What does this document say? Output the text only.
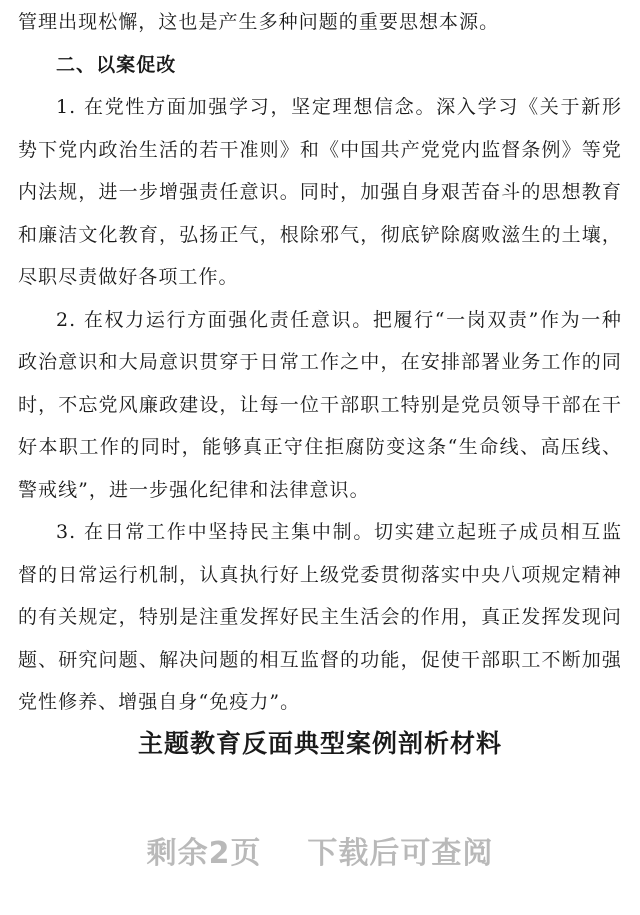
管理出现松懈，这也是产生多种问题的重要思想本源。

二、以案促改

1. 在党性方面加强学习，坚定理想信念。深入学习《关于新形势下党内政治生活的若干准则》和《中国共产党党内监督条例》等党内法规，进一步增强责任意识。同时，加强自身艰苦奋斗的思想教育和廉洁文化教育，弘扬正气，根除邪气，彻底铲除腐败滋生的土壤，尽职尽责做好各项工作。

2. 在权力运行方面强化责任意识。把履行“一岗双责”作为一种政治意识和大局意识贯穿于日常工作之中，在安排部署业务工作的同时，不忘党风廉政建设，让每一位干部职工特别是党员领导干部在干好本职工作的同时，能够真正守住拒腐防变这条“生命线、高压线、警戒线”，进一步强化纪律和法律意识。

3. 在日常工作中坚持民主集中制。切实建立起班子成员相互监督的日常运行机制，认真执行好上级党委贯彻落实中央八项规定精神的有关规定，特别是注重发挥好民主生活会的作用，真正发挥发现问题、研究问题、解决问题的相互监督的功能，促使干部职工不断加强党性修养、增强自身“免疫力”。

主题教育反面典型案例剖析材料
剩余2页    下载后可查阅
